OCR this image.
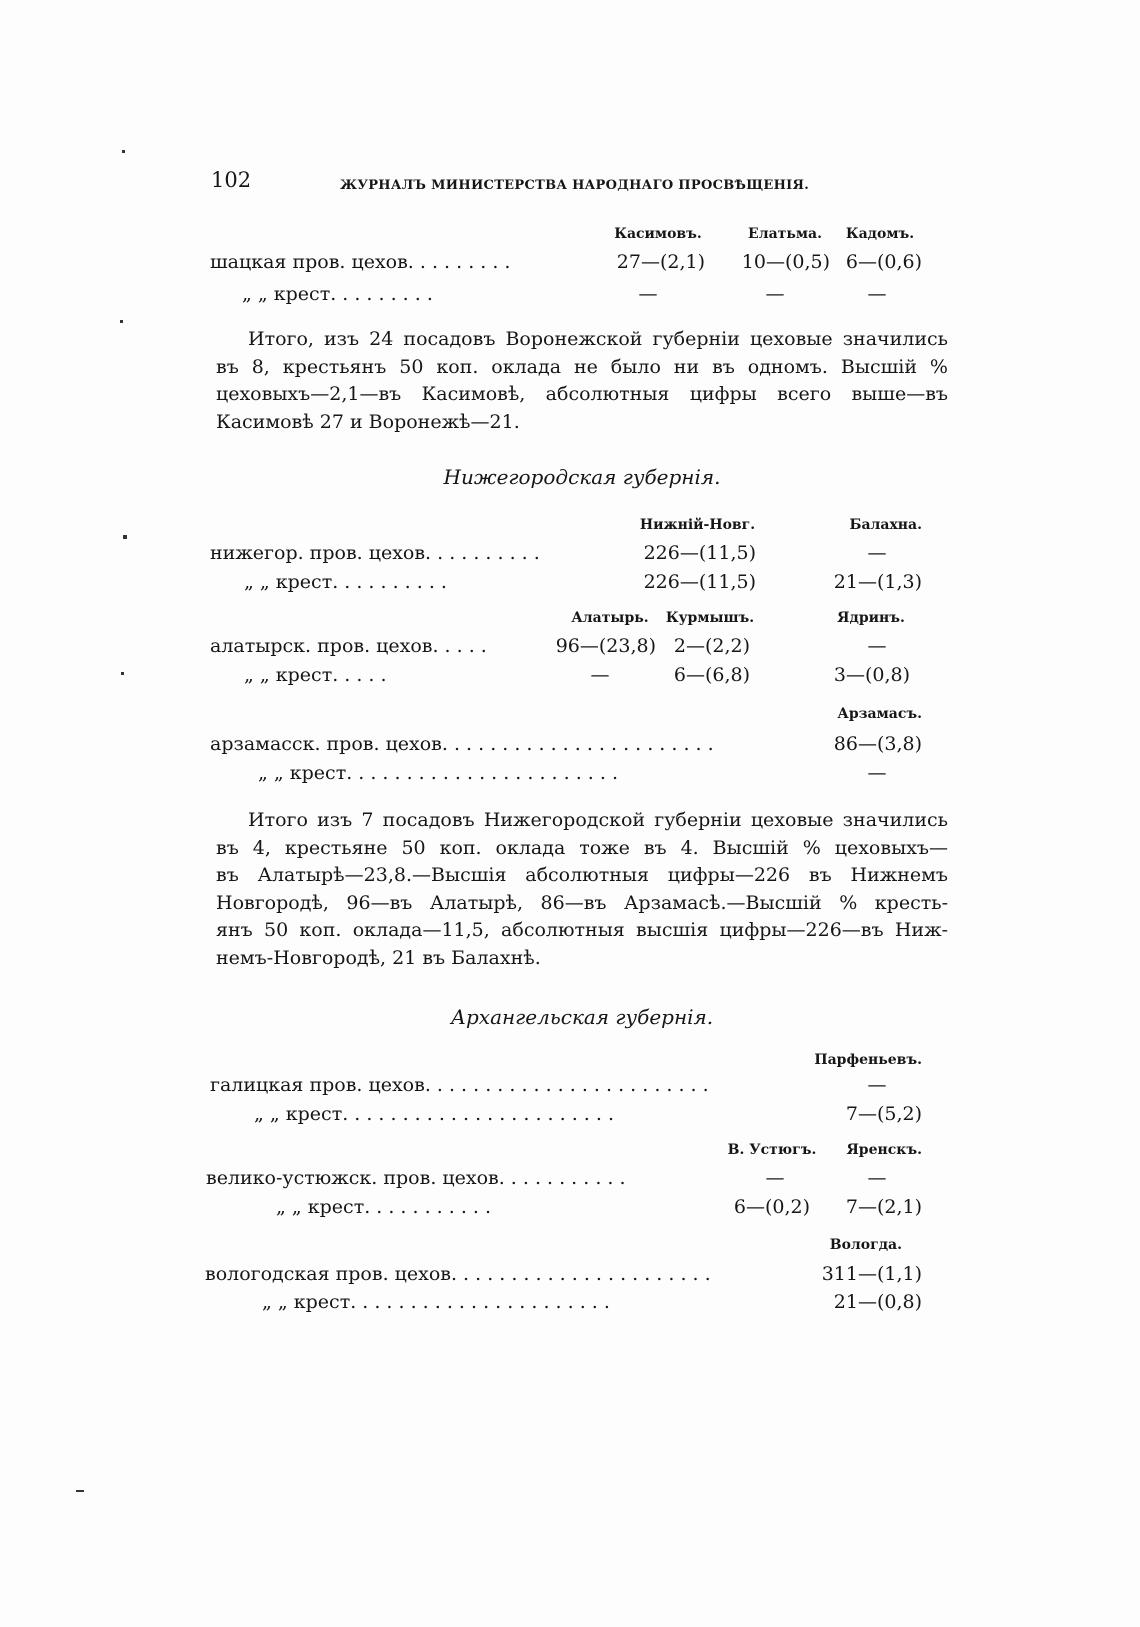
102	ЖУРНАЛЪ МИНИСТЕРСТВА НАРОДНАГО ПРОСВѢЩЕНІЯ.
Касимовъ.	Елатьма.	Кадомъ.
шацкая пров. цехов. . . . . . . . .	27—(2,1)	10—(0,5) 6—(0,6)
„ „ крест. . . . . . . . .	—	—	—
Итого, изъ 24 посадовъ Воронежской губерніи цеховые значились
въ 8, крестьянъ 50 коп. оклада не было ни въ одномъ. Высшій %
цеховыхъ—2,1—въ Касимовѣ, абсолютныя цифры всего выше—въ
Касимовѣ 27 и Воронежѣ—21.
Нижегородская губернія.
Нижній-Новг.	Балахна.
нижегор. пров. цехов. . . . . . . . . .	226—(11,5)	—
„ „ крест. . . . . . . . . .	226—(11,5)	21—(1,3)
Алатырь.	Курмышъ.	Ядринъ.
алатырск. пров. цехов. . . . .	96—(23,8) 2—(2,2)	—
„ „ крест. . . . .	—	6—(6,8)	3—(0,8)
Арзамасъ.
арзамасск. пров. цехов. . . . . . . . . . . . . . . . . . . . . . .	86—(3,8)
„ „ крест. . . . . . . . . . . . . . . . . . . . . . .	—
Итого изъ 7 посадовъ Нижегородской губерніи цеховые значились
въ 4, крестьяне 50 коп. оклада тоже въ 4. Высшій % цеховыхъ—
въ Алатырѣ—23,8.—Высшія абсолютныя цифры—226 въ Нижнемъ
Новгородѣ, 96—въ Алатырѣ, 86—въ Арзамасѣ.—Высшій % кресть-
янъ 50 коп. оклада—11,5, абсолютныя высшія цифры—226—въ Ниж-
немъ-Новгородѣ, 21 въ Балахнѣ.
Архангельская губернія.
Парфеньевъ.
галицкая пров. цехов. . . . . . . . . . . . . . . . . . . . . . . .	—
„ „ крест. . . . . . . . . . . . . . . . . . . . . . .	7—(5,2)
В. Устюгъ.	Яренскъ.
велико-устюжск. пров. цехов. . . . . . . . . . .	—	—
„ „ крест. . . . . . . . . . .	6—(0,2)	7—(2,1)
Вологда.
вологодская пров. цехов. . . . . . . . . . . . . . . . . . . . . .	311—(1,1)
„ „ крест. . . . . . . . . . . . . . . . . . . . . .	21—(0,8)
